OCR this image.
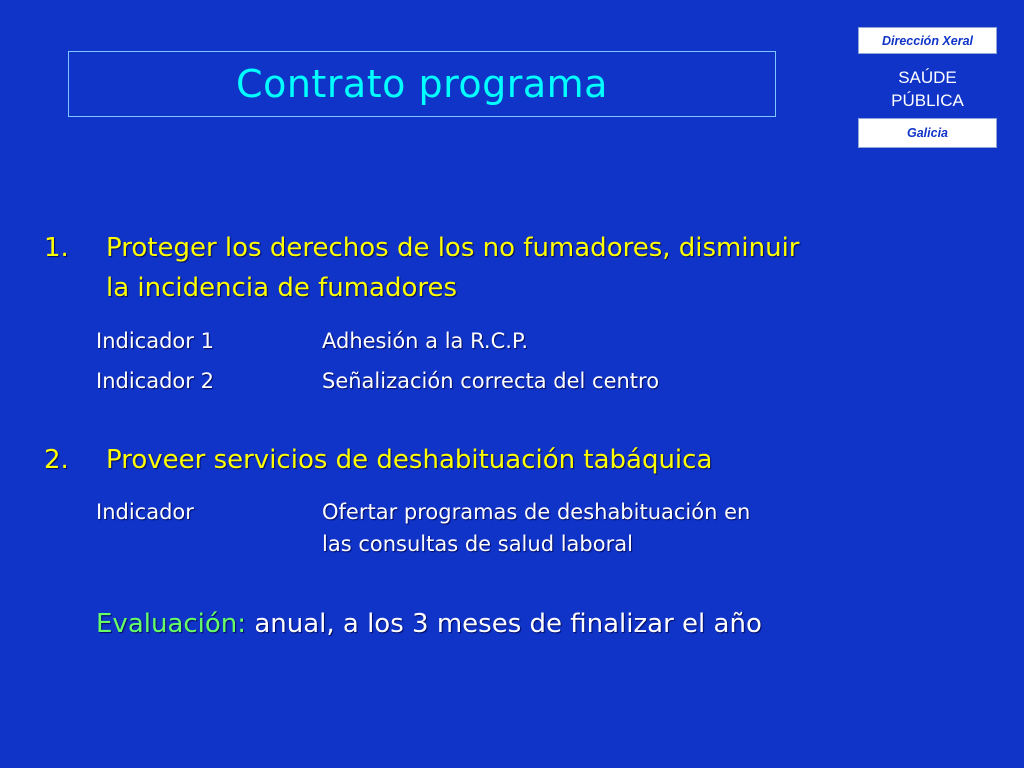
Contrato programa
Dirección Xeral
SAÚDE
PÚBLICA
Galicia
1. Proteger los derechos de los no fumadores, disminuir
la incidencia de fumadores
Indicador 1	Adhesión a la R.C.P.
Indicador 2	Señalización correcta del centro
2. Proveer servicios de deshabituación tabáquica
Indicador	Ofertar programas de deshabituación en
las consultas de salud laboral
Evaluación: anual, a los 3 meses de finalizar el año
